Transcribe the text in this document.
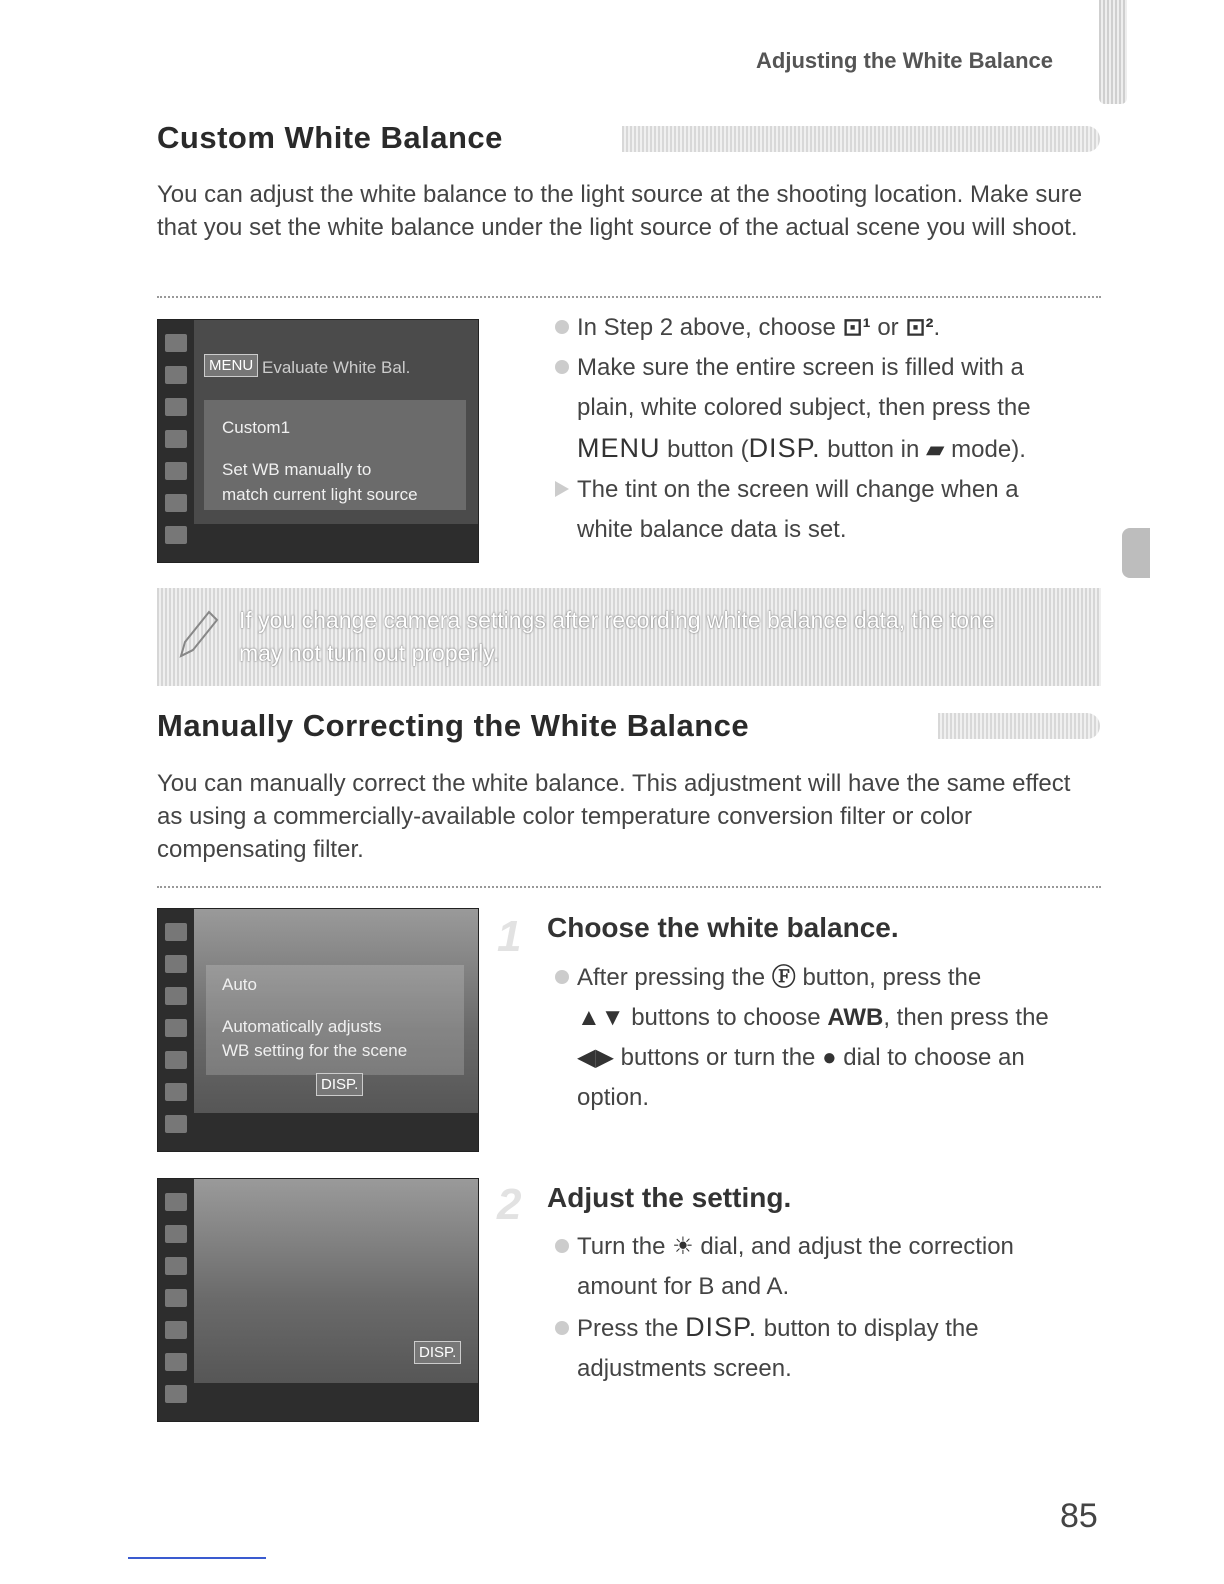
Adjusting the White Balance
Custom White Balance
You can adjust the white balance to the light source at the shooting location. Make sure that you set the white balance under the light source of the actual scene you will shoot.
MENU Evaluate White Bal.
Custom1
Set WB manually to
match current light source
In Step 2 above, choose ⊡¹ or ⊡².
Make sure the entire screen is filled with a
plain, white colored subject, then press the
MENU button (DISP. button in ▰ mode).
The tint on the screen will change when a
white balance data is set.
If you change camera settings after recording white balance data, the tone
may not turn out properly.
Manually Correcting the White Balance
You can manually correct the white balance. This adjustment will have the same effect as using a commercially-available color temperature conversion filter or color compensating filter.
Auto
Automatically adjusts
WB setting for the scene
DISP.
1 Choose the white balance.
After pressing the Ⓕ button, press the
▲▼ buttons to choose AWB, then press the
◀▶ buttons or turn the ● dial to choose an
option.
DISP.
2 Adjust the setting.
Turn the ☀ dial, and adjust the correction
amount for B and A.
Press the DISP. button to display the
adjustments screen.
85
